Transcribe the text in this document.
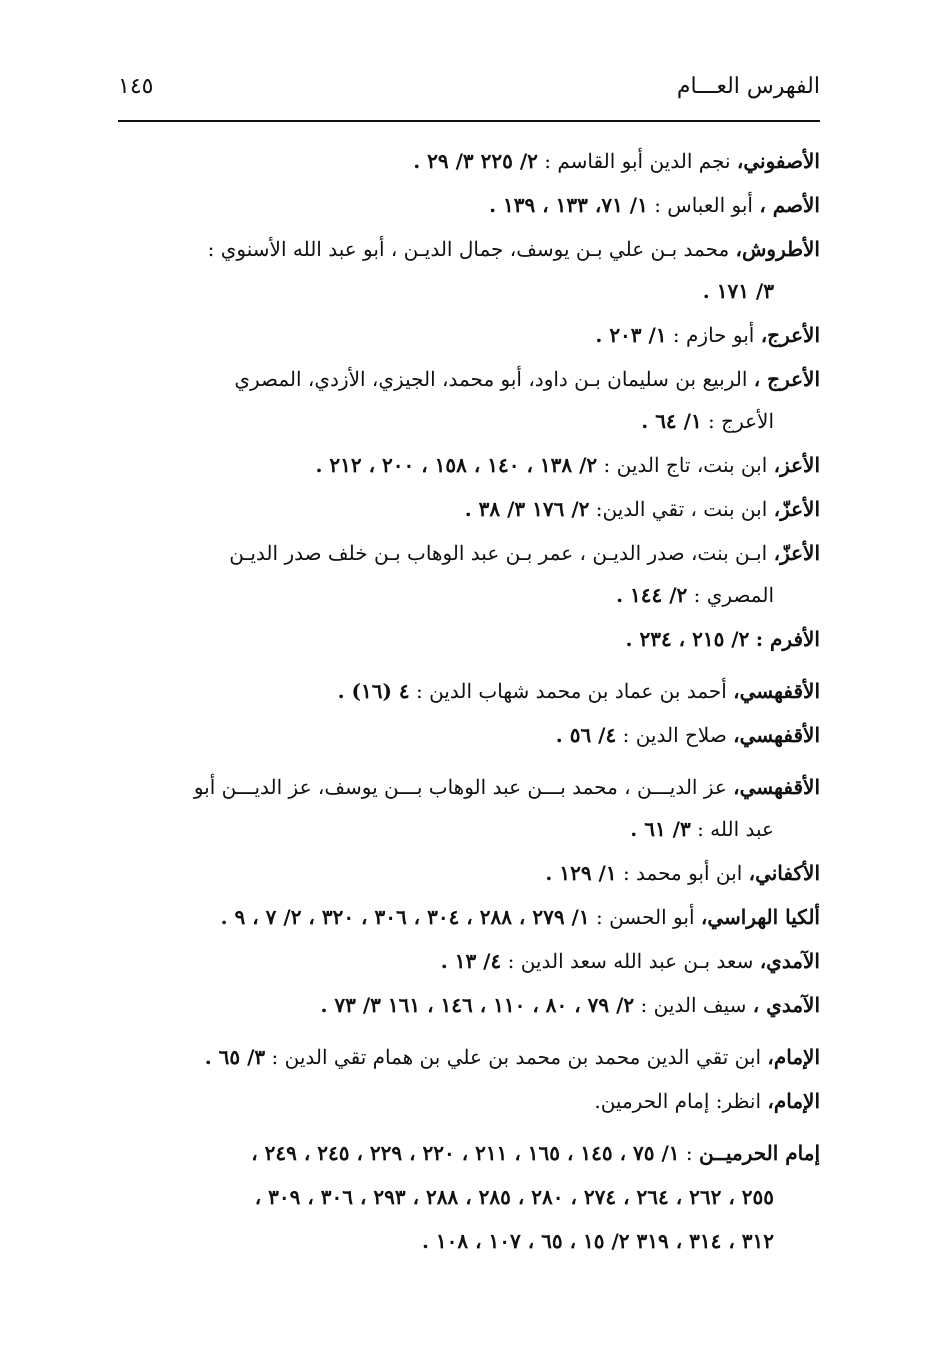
١٤٥	الفهرس العـــام
الأصفوني، نجم الدين أبو القاسم : ٢/ ٢٢٥ ٣/ ٢٩ .
الأصم ، أبو العباس : ١/ ٧١، ١٣٣ ، ١٣٩ .
الأطروش، محمد بـن علي بـن يوسف، جمال الديـن ، أبو عبد الله الأسنوي :
٣/ ١٧١ .
الأعرج، أبو حازم : ١/ ٢٠٣ .
الأعرج ، الربيع بن سليمان بـن داود، أبو محمد، الجيزي، الأزدي، المصري
الأعرج : ١/ ٦٤ .
الأعز، ابن بنت، تاج الدين : ٢/ ١٣٨ ، ١٤٠ ، ١٥٨ ، ٢٠٠ ، ٢١٢ .
الأعزّ، ابن بنت ، تقي الدين: ٢/ ١٧٦ ٣/ ٣٨ .
الأعزّ، ابـن بنت، صدر الديـن ، عمر بـن عبد الوهاب بـن خلف صدر الديـن
المصري : ٢/ ١٤٤ .
الأفرم : ٢/ ٢١٥ ، ٢٣٤ .
الأقفهسي، أحمد بن عماد بن محمد شهاب الدين : ٤ (١٦) .
الأقفهسي، صلاح الدين : ٤/ ٥٦ .
الأقفهسي، عز الديـــن ، محمد بـــن عبد الوهاب بـــن يوسف، عز الديـــن أبو
عبد الله : ٣/ ٦١ .
الأكفاني، ابن أبو محمد : ١/ ١٢٩ .
ألكيا الهراسي، أبو الحسن : ١/ ٢٧٩ ، ٢٨٨ ، ٣٠٤ ، ٣٠٦ ، ٣٢٠ ، ٢/ ٧ ، ٩ .
الآمدي، سعد بـن عبد الله سعد الدين : ٤/ ١٣ .
الآمدي ، سيف الدين : ٢/ ٧٩ ، ٨٠ ، ١١٠ ، ١٤٦ ، ١٦١ ٣/ ٧٣ .
الإمام، ابن تقي الدين محمد بن محمد بن علي بن همام تقي الدين : ٣/ ٦٥ .
الإمام، انظر: إمام الحرمين.
إمام الحرميــن : ١/ ٧٥ ، ١٤٥ ، ١٦٥ ، ٢١١ ، ٢٢٠ ، ٢٢٩ ، ٢٤٥ ، ٢٤٩ ،
٢٥٥ ، ٢٦٢ ، ٢٦٤ ، ٢٧٤ ، ٢٨٠ ، ٢٨٥ ، ٢٨٨ ، ٢٩٣ ، ٣٠٦ ، ٣٠٩ ،
٣١٢ ، ٣١٤ ، ٣١٩ ٢/ ١٥ ، ٦٥ ، ١٠٧ ، ١٠٨ .
